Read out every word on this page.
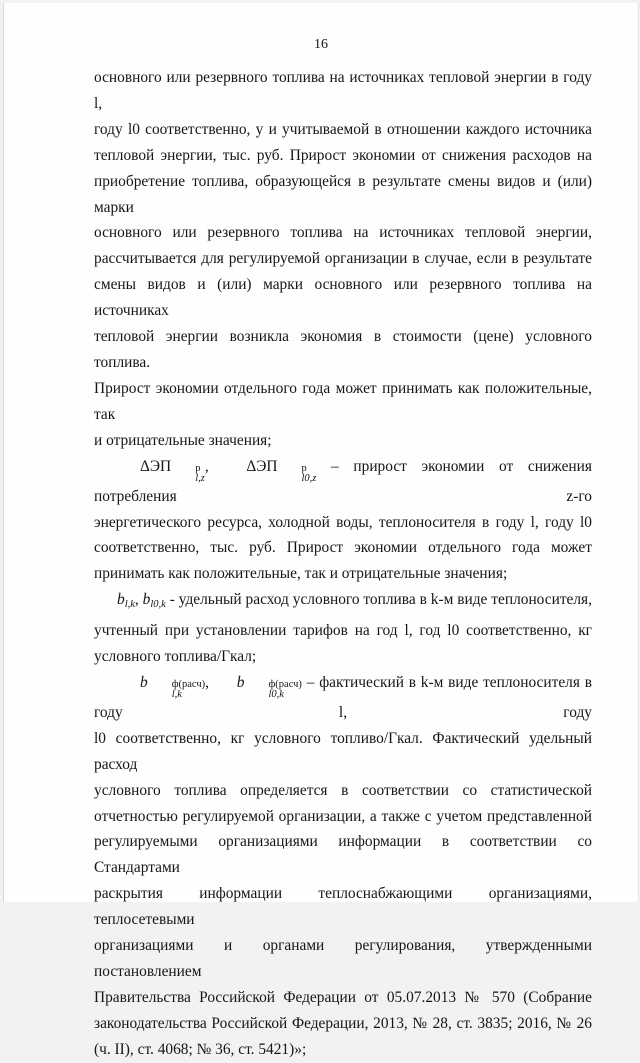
16

основного или резервного топлива на источниках тепловой энергии в году l, году l0 соответственно, у и учитываемой в отношении каждого источника тепловой энергии, тыс. руб. Прирост экономии от снижения расходов на приобретение топлива, образующейся в результате смены видов и (или) марки основного или резервного топлива на источниках тепловой энергии, рассчитывается для регулируемой организации в случае, если в результате смены видов и (или) марки основного или резервного топлива на источниках тепловой энергии возникла экономия в стоимости (цене) условного топлива. Прирост экономии отдельного года может принимать как положительные, так и отрицательные значения;

ΔЭП	р
l,z
,	ΔЭП	р
l0,z
– прирост экономии от снижения потребления z-го энергетического ресурса, холодной воды, теплоносителя в году l, году l0 соответственно, тыс. руб. Прирост экономии отдельного года может принимать как положительные, так и отрицательные значения;

$b_{l,k}$, $b_{l0,k}$ - удельный расход условного топлива в k-м виде теплоносителя, учтенный при установлении тарифов на год l, год l0 соответственно, кг условного топлива/Гкал;

b	ф(расч)
l,k
,	b	ф(расч)
l0,k
– фактический в k-м виде теплоносителя в году l, году l0 соответственно, кг условного топливо/Гкал. Фактический удельный расход условного топлива определяется в соответствии со статистической отчетностью регулируемой организации, а также с учетом представленной регулируемыми организациями информации в соответствии со Стандартами раскрытия информации теплоснабжающими организациями, теплосетевыми организациями и органами регулирования, утвержденными постановлением Правительства Российской Федерации от 05.07.2013 № 570 (Собрание законодательства Российской Федерации, 2013, № 28, ст. 3835; 2016, № 26 (ч. II), ст. 4068; № 36, ст. 5421)»;
